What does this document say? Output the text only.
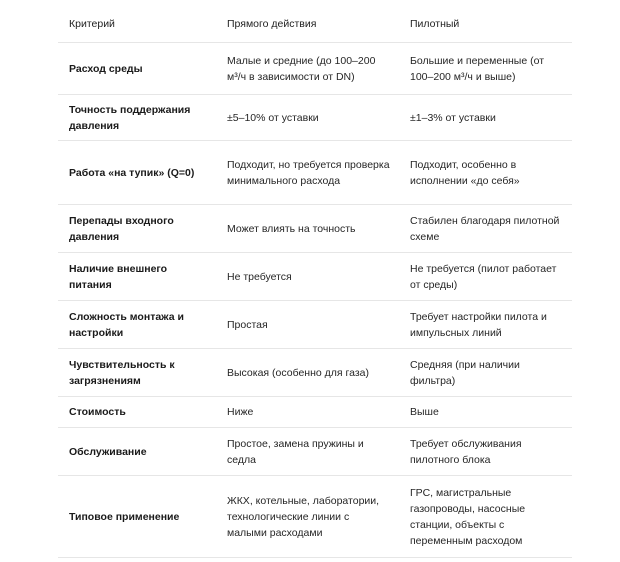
Критерий	Прямого действия	Пилотный
Расход среды	Малые и средние (до 100–200 м³/ч в зависимости от DN)	Большие и переменные (от 100–200 м³/ч и выше)
Точность поддержания давления	±5–10% от уставки	±1–3% от уставки
Работа «на тупик» (Q=0)	Подходит, но требуется проверка минимального расхода	Подходит, особенно в исполнении «до себя»
Перепады входного давления	Может влиять на точность	Стабилен благодаря пилотной схеме
Наличие внешнего питания	Не требуется	Не требуется (пилот работает от среды)
Сложность монтажа и настройки	Простая	Требует настройки пилота и импульсных линий
Чувствительность к загрязнениям	Высокая (особенно для газа)	Средняя (при наличии фильтра)
Стоимость	Ниже	Выше
Обслуживание	Простое, замена пружины и седла	Требует обслуживания пилотного блока
Типовое применение	ЖКХ, котельные, лаборатории, технологические линии с малыми расходами	ГРС, магистральные газопроводы, насосные станции, объекты с переменным расходом
